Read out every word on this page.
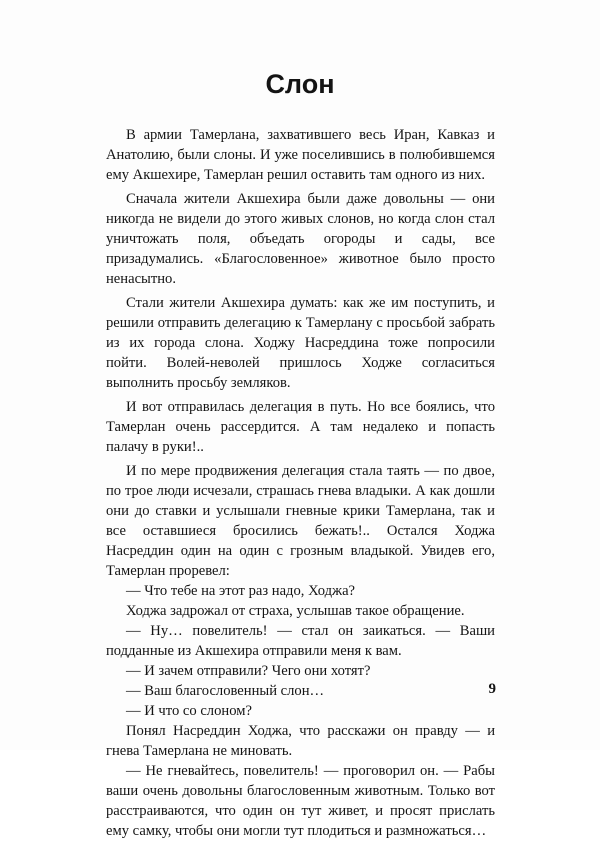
Слон

В армии Тамерлана, захватившего весь Иран, Кавказ и Анатолию, были слоны. И уже поселившись в полюбившемся ему Акшехире, Тамерлан решил оставить там одного из них.

Сначала жители Акшехира были даже довольны — они никогда не видели до этого живых слонов, но когда слон стал уничтожать поля, объедать огороды и сады, все призадумались. «Благословенное» животное было просто ненасытно.

Стали жители Акшехира думать: как же им поступить, и решили отправить делегацию к Тамерлану с просьбой забрать из их города слона. Ходжу Насреддина тоже попросили пойти. Волей-неволей пришлось Ходже согласиться выполнить просьбу земляков.

И вот отправилась делегация в путь. Но все боялись, что Тамерлан очень рассердится. А там недалеко и попасть палачу в руки!..

И по мере продвижения делегация стала таять — по двое, по трое люди исчезали, страшась гнева владыки. А как дошли они до ставки и услышали гневные крики Тамерлана, так и все оставшиеся бросились бежать!.. Остался Ходжа Насреддин один на один с грозным владыкой. Увидев его, Тамерлан проревел:

— Что тебе на этот раз надо, Ходжа?

Ходжа задрожал от страха, услышав такое обращение.

— Ну… повелитель! — стал он заикаться. — Ваши подданные из Акшехира отправили меня к вам.

— И зачем отправили? Чего они хотят?

— Ваш благословенный слон…

— И что со слоном?

Понял Насреддин Ходжа, что расскажи он правду — и гнева Тамерлана не миновать.

— Не гневайтесь, повелитель! — проговорил он. — Рабы ваши очень довольны благословенным животным. Только вот расстраиваются, что один он тут живет, и просят прислать ему самку, чтобы они могли тут плодиться и размножаться…

9
